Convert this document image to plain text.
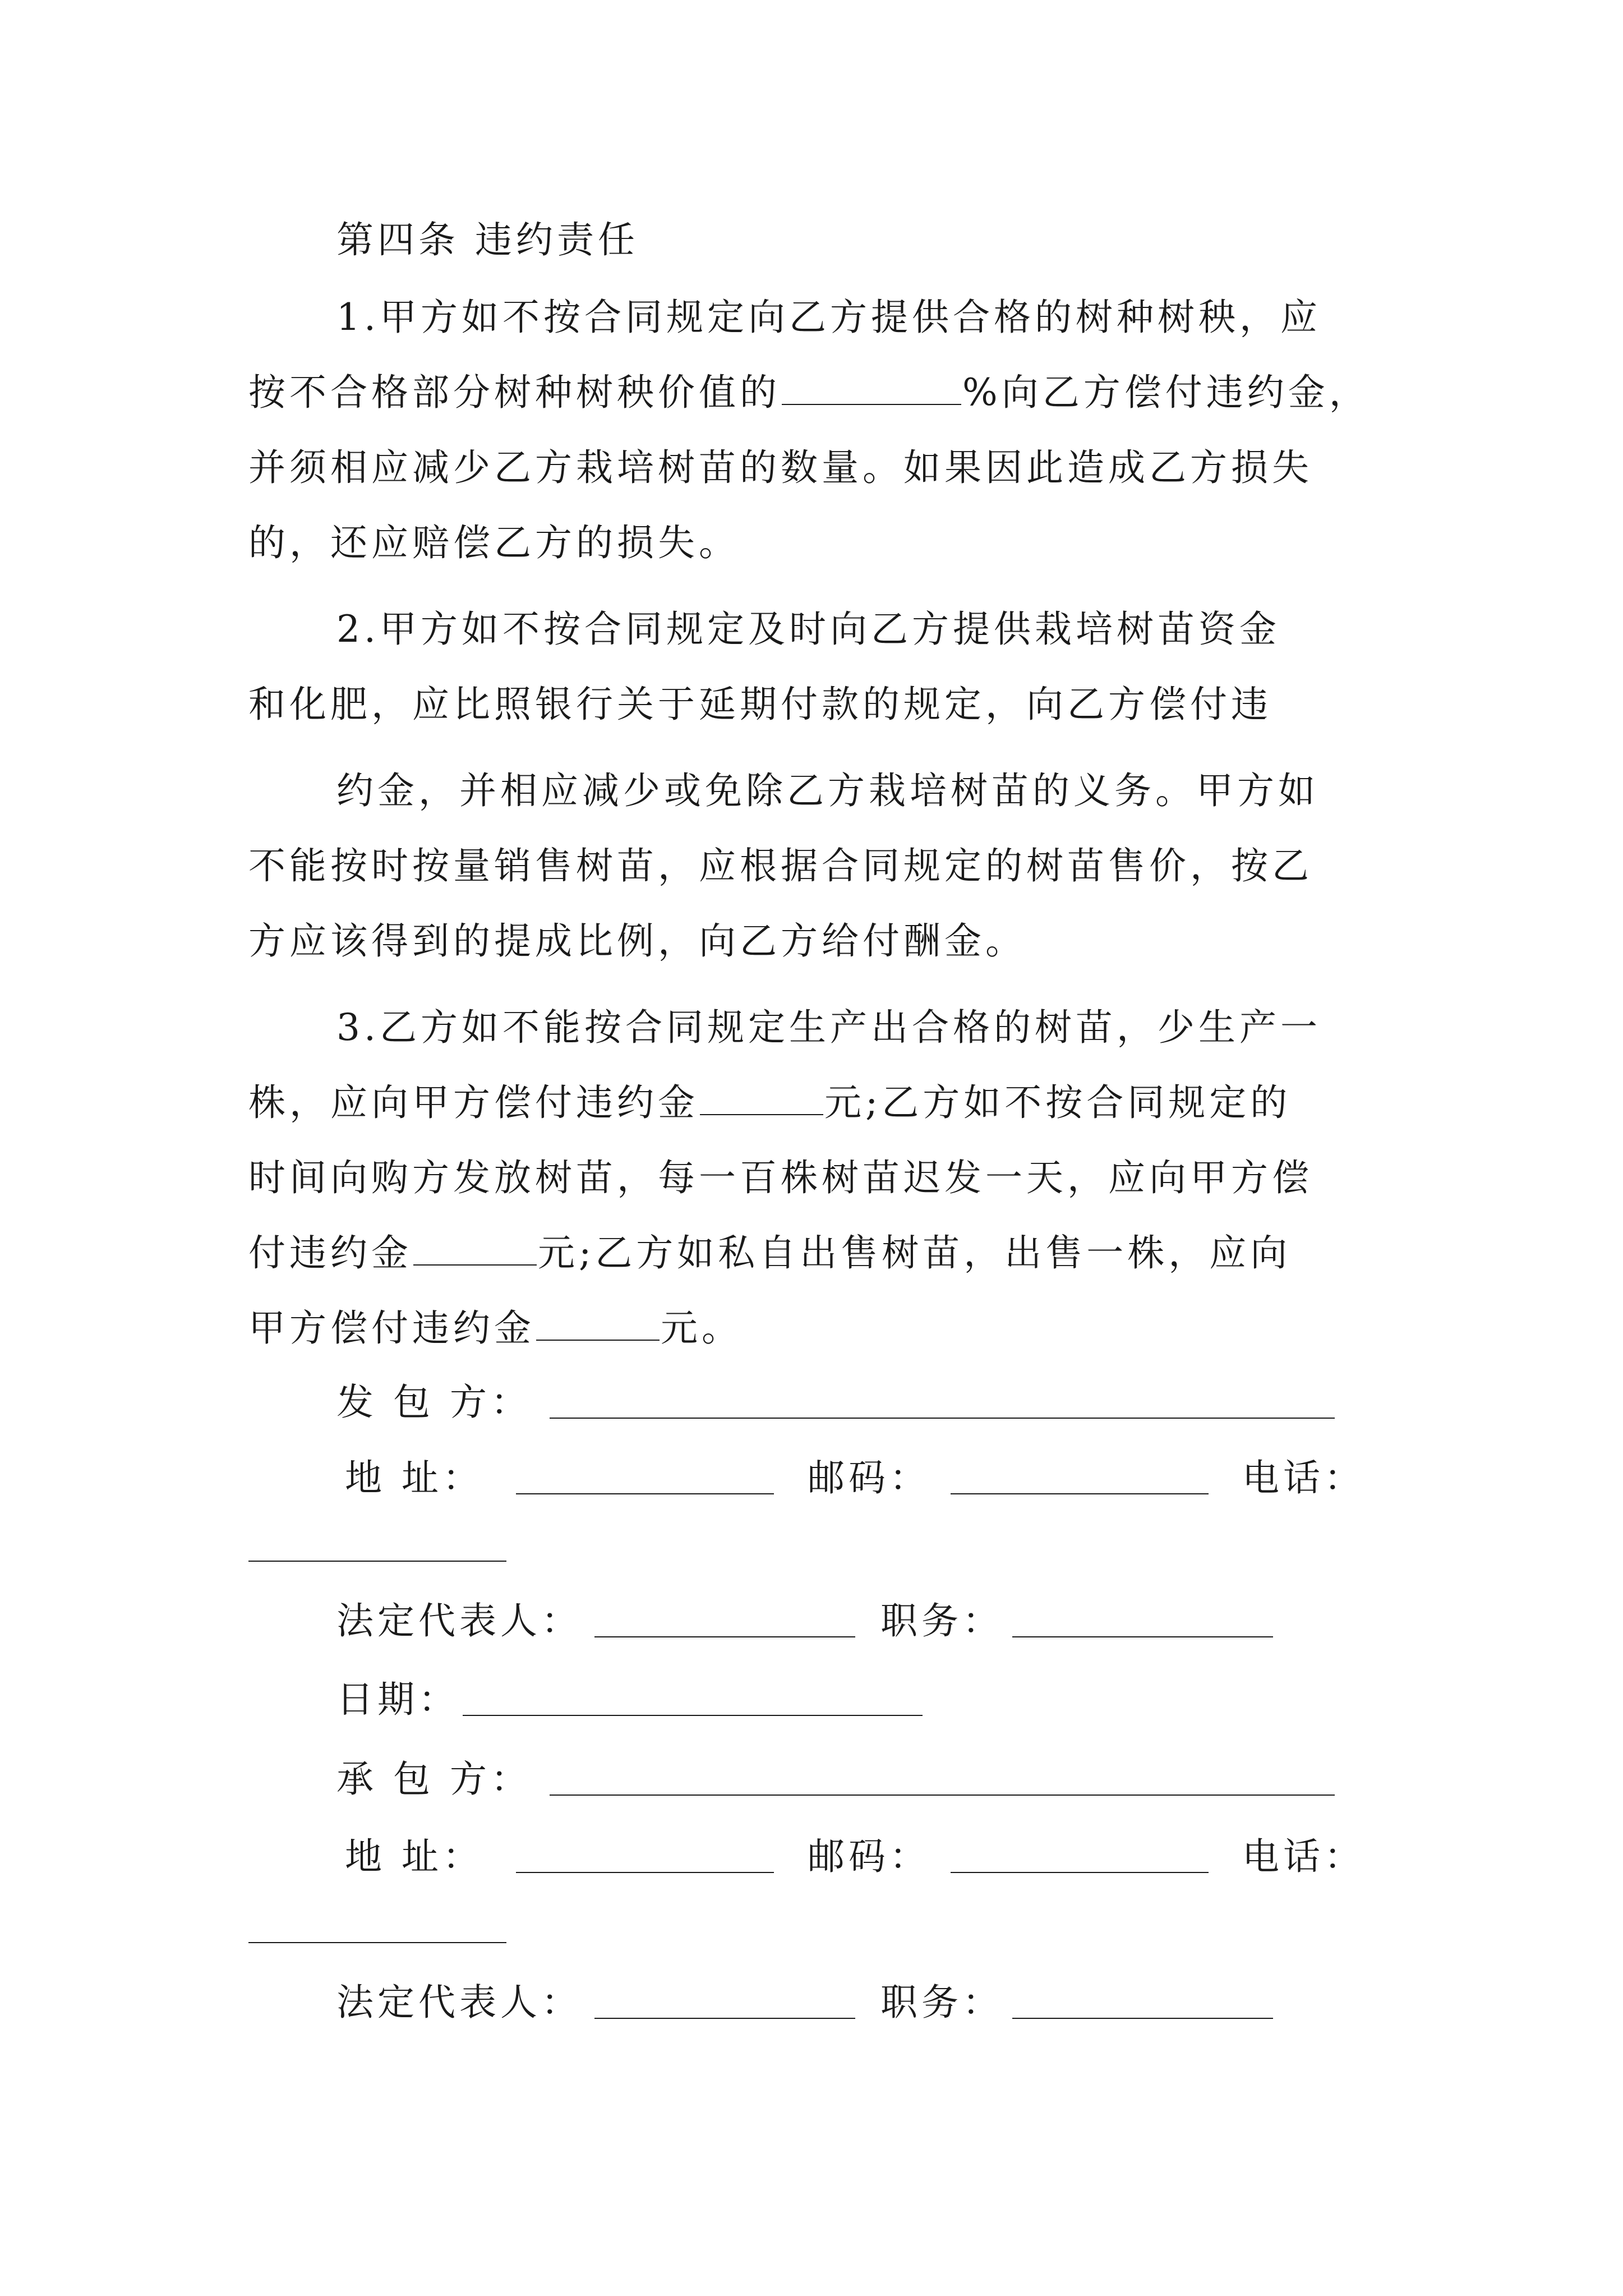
第四条 违约责任
1.甲方如不按合同规定向乙方提供合格的树种树秧，应
按不合格部分树种树秧价值的	%向乙方偿付违约金，
并须相应减少乙方栽培树苗的数量。如果因此造成乙方损失
的，还应赔偿乙方的损失。
2.甲方如不按合同规定及时向乙方提供栽培树苗资金
和化肥，应比照银行关于延期付款的规定，向乙方偿付违
约金，并相应减少或免除乙方栽培树苗的义务。甲方如
不能按时按量销售树苗，应根据合同规定的树苗售价，按乙
方应该得到的提成比例，向乙方给付酬金。
3.乙方如不能按合同规定生产出合格的树苗，少生产一
株，应向甲方偿付违约金	元;乙方如不按合同规定的
时间向购方发放树苗，每一百株树苗迟发一天，应向甲方偿
付违约金	元;乙方如私自出售树苗，出售一株，应向
甲方偿付违约金	元。
发 包 方：
地 址：	邮码：	电话：
法定代表人：	职务：
日期：
承 包 方：
地 址：	邮码：	电话：
法定代表人：	职务：
